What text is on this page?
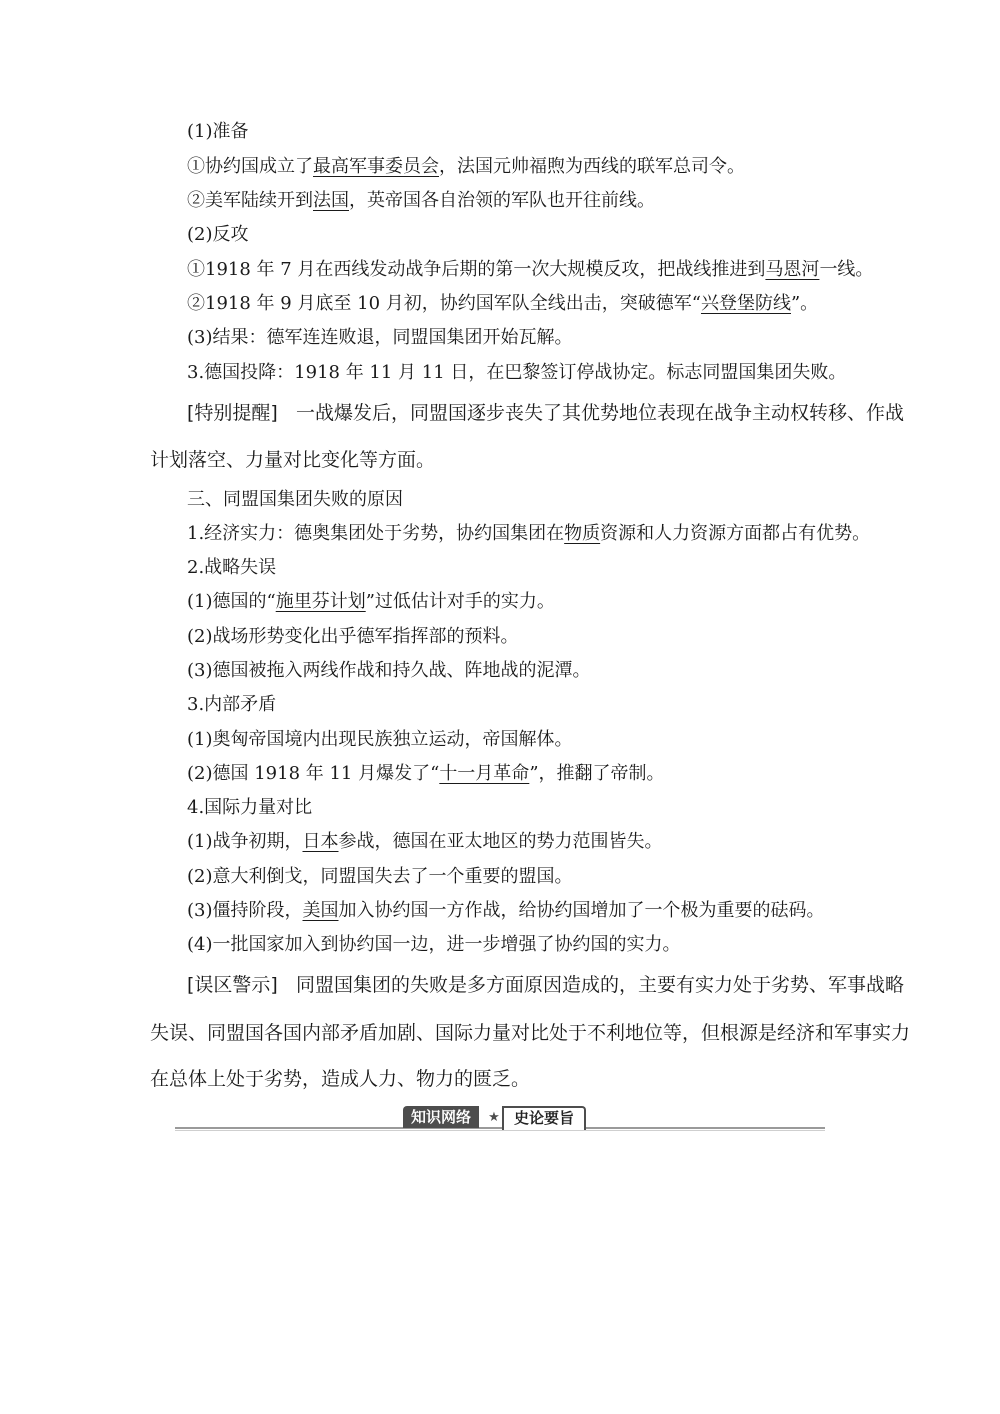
(1)准备
①协约国成立了最高军事委员会，法国元帅福煦为西线的联军总司令。
②美军陆续开到法国，英帝国各自治领的军队也开往前线。
(2)反攻
①1918 年 7 月在西线发动战争后期的第一次大规模反攻，把战线推进到马恩河一线。
②1918 年 9 月底至 10 月初，协约国军队全线出击，突破德军“兴登堡防线”。
(3)结果：德军连连败退，同盟国集团开始瓦解。
3.德国投降：1918 年 11 月 11 日，在巴黎签订停战协定。标志同盟国集团失败。
[特别提醒] 一战爆发后，同盟国逐步丧失了其优势地位表现在战争主动权转移、作战
计划落空、力量对比变化等方面。
三、同盟国集团失败的原因
1.经济实力：德奥集团处于劣势，协约国集团在物质资源和人力资源方面都占有优势。
2.战略失误
(1)德国的“施里芬计划”过低估计对手的实力。
(2)战场形势变化出乎德军指挥部的预料。
(3)德国被拖入两线作战和持久战、阵地战的泥潭。
3.内部矛盾
(1)奥匈帝国境内出现民族独立运动，帝国解体。
(2)德国 1918 年 11 月爆发了“十一月革命”，推翻了帝制。
4.国际力量对比
(1)战争初期，日本参战，德国在亚太地区的势力范围皆失。
(2)意大利倒戈，同盟国失去了一个重要的盟国。
(3)僵持阶段，美国加入协约国一方作战，给协约国增加了一个极为重要的砝码。
(4)一批国家加入到协约国一边，进一步增强了协约国的实力。
[误区警示] 同盟国集团的失败是多方面原因造成的，主要有实力处于劣势、军事战略
失误、同盟国各国内部矛盾加剧、国际力量对比处于不利地位等，但根源是经济和军事实力
在总体上处于劣势，造成人力、物力的匮乏。
知识网络	★ 史论要旨
